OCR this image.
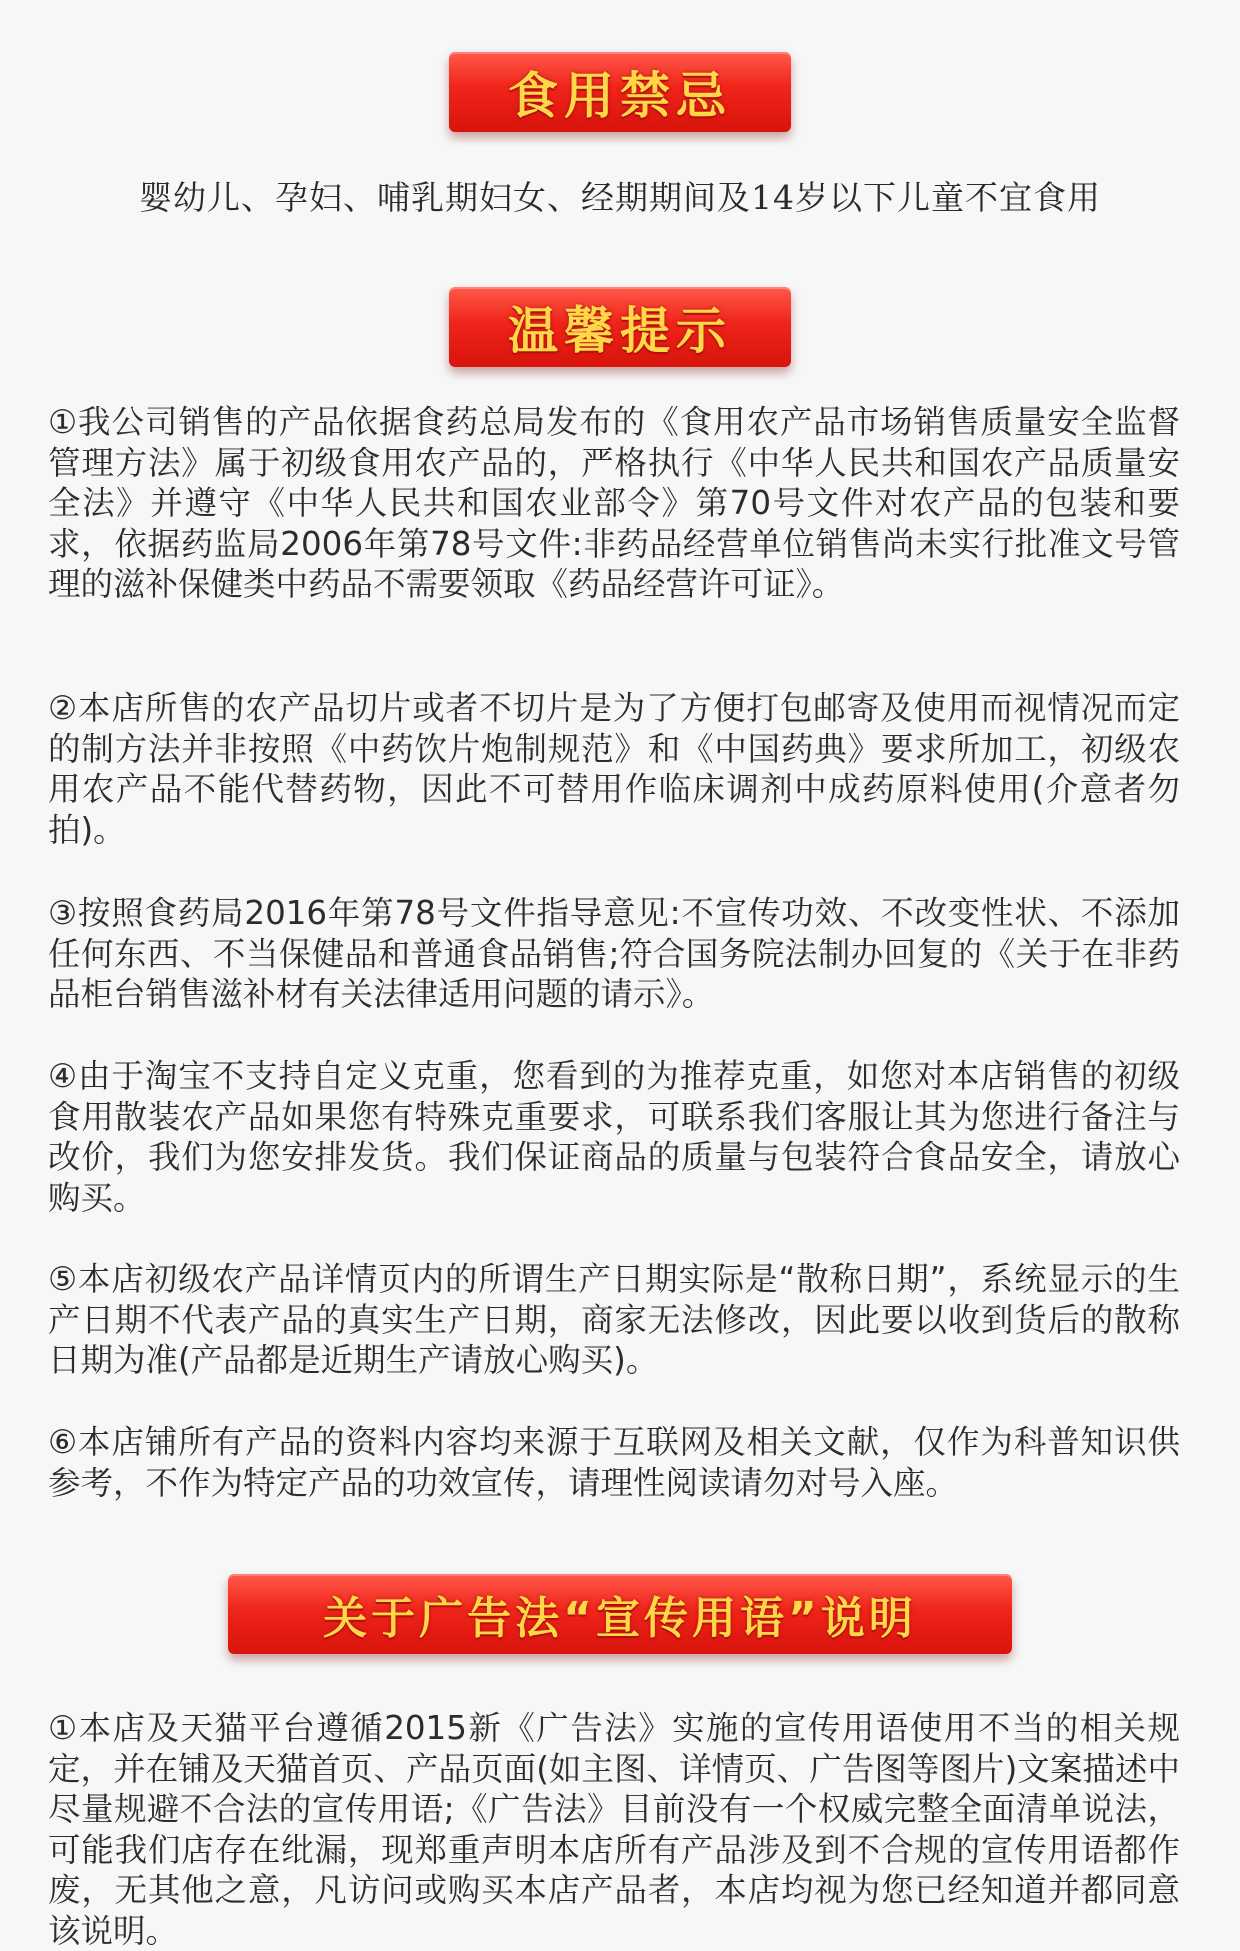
食用禁忌
婴幼儿、孕妇、哺乳期妇女、经期期间及14岁以下儿童不宜食用
温馨提示

①我公司销售的产品依据食药总局发布的《食用农产品市场销售质量安全监督管理方法》属于初级食用农产品的，严格执行《中华人民共和国农产品质量安全法》并遵守《中华人民共和国农业部令》第70号文件对农产品的包装和要求，依据药监局2006年第78号文件:非药品经营单位销售尚未实行批准文号管理的滋补保健类中药品不需要领取《药品经营许可证》。

②本店所售的农产品切片或者不切片是为了方便打包邮寄及使用而视情况而定的制方法并非按照《中药饮片炮制规范》和《中国药典》要求所加工，初级农用农产品不能代替药物，因此不可替用作临床调剂中成药原料使用(介意者勿拍)。

③按照食药局2016年第78号文件指导意见:不宣传功效、不改变性状、不添加任何东西、不当保健品和普通食品销售;符合国务院法制办回复的《关于在非药品柜台销售滋补材有关法律适用问题的请示》。

④由于淘宝不支持自定义克重，您看到的为推荐克重，如您对本店销售的初级食用散装农产品如果您有特殊克重要求，可联系我们客服让其为您进行备注与改价，我们为您安排发货。我们保证商品的质量与包装符合食品安全，请放心购买。

⑤本店初级农产品详情页内的所谓生产日期实际是“散称日期”，系统显示的生产日期不代表产品的真实生产日期，商家无法修改，因此要以收到货后的散称日期为准(产品都是近期生产请放心购买)。

⑥本店铺所有产品的资料内容均来源于互联网及相关文献，仅作为科普知识供参考，不作为特定产品的功效宣传，请理性阅读请勿对号入座。

关于广告法“宣传用语”说明

①本店及天猫平台遵循2015新《广告法》实施的宣传用语使用不当的相关规定，并在铺及天猫首页、产品页面(如主图、详情页、广告图等图片)文案描述中尽量规避不合法的宣传用语;《广告法》目前没有一个权威完整全面清单说法，可能我们店存在纰漏，现郑重声明本店所有产品涉及到不合规的宣传用语都作废，无其他之意，凡访问或购买本店产品者，本店均视为您已经知道并都同意该说明。
